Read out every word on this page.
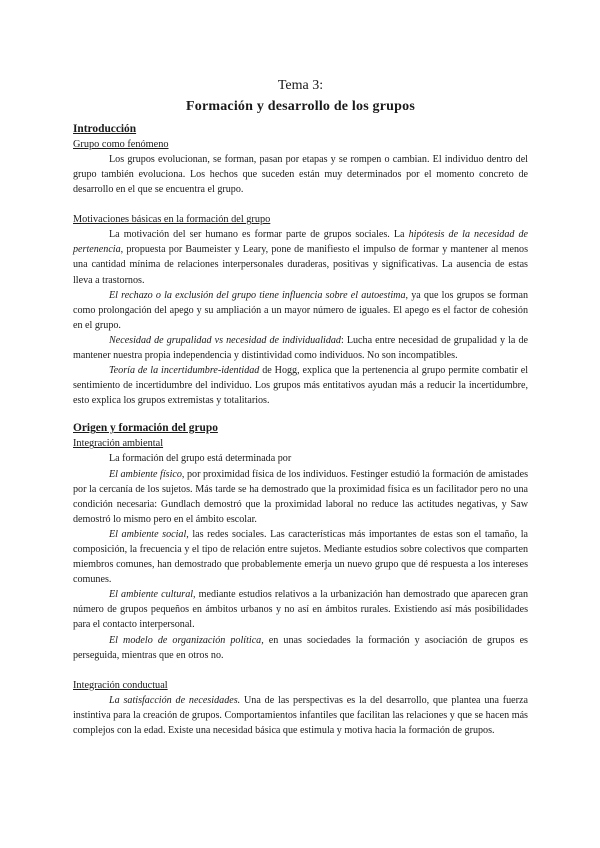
Tema 3:
Formación y desarrollo de los grupos
Introducción
Grupo como fenómeno

Los grupos evolucionan, se forman, pasan por etapas y se rompen o cambian. El individuo dentro del grupo también evoluciona. Los hechos que suceden están muy determinados por el momento concreto de desarrollo en el que se encuentra el grupo.

Motivaciones básicas en la formación del grupo

La motivación del ser humano es formar parte de grupos sociales. La hipótesis de la necesidad de pertenencia, propuesta por Baumeister y Leary, pone de manifiesto el impulso de formar y mantener al menos una cantidad mínima de relaciones interpersonales duraderas, positivas y significativas. La ausencia de estas lleva a trastornos.

El rechazo o la exclusión del grupo tiene influencia sobre el autoestima, ya que los grupos se forman como prolongación del apego y su ampliación a un mayor número de iguales. El apego es el factor de cohesión en el grupo.

Necesidad de grupalidad vs necesidad de individualidad: Lucha entre necesidad de grupalidad y la de mantener nuestra propia independencia y distintividad como individuos. No son incompatibles.

Teoría de la incertidumbre-identidad de Hogg, explica que la pertenencia al grupo permite combatir el sentimiento de incertidumbre del individuo. Los grupos más entitativos ayudan más a reducir la incertidumbre, esto explica los grupos extremistas y totalitarios.

Origen y formación del grupo
Integración ambiental

La formación del grupo está determinada por

El ambiente físico, por proximidad física de los individuos. Festinger estudió la formación de amistades por la cercanía de los sujetos. Más tarde se ha demostrado que la proximidad física es un facilitador pero no una condición necesaria: Gundlach demostró que la proximidad laboral no reduce las actitudes negativas, y Saw demostró lo mismo pero en el ámbito escolar.

El ambiente social, las redes sociales. Las características más importantes de estas son el tamaño, la composición, la frecuencia y el tipo de relación entre sujetos. Mediante estudios sobre colectivos que comparten miembros comunes, han demostrado que probablemente emerja un nuevo grupo que dé respuesta a los intereses comunes.

El ambiente cultural, mediante estudios relativos a la urbanización han demostrado que aparecen gran número de grupos pequeños en ámbitos urbanos y no así en ámbitos rurales. Existiendo así más posibilidades para el contacto interpersonal.

El modelo de organización política, en unas sociedades la formación y asociación de grupos es perseguida, mientras que en otros no.

Integración conductual

La satisfacción de necesidades. Una de las perspectivas es la del desarrollo, que plantea una fuerza instintiva para la creación de grupos. Comportamientos infantiles que facilitan las relaciones y que se hacen más complejos con la edad. Existe una necesidad básica que estimula y motiva hacia la formación de grupos.
